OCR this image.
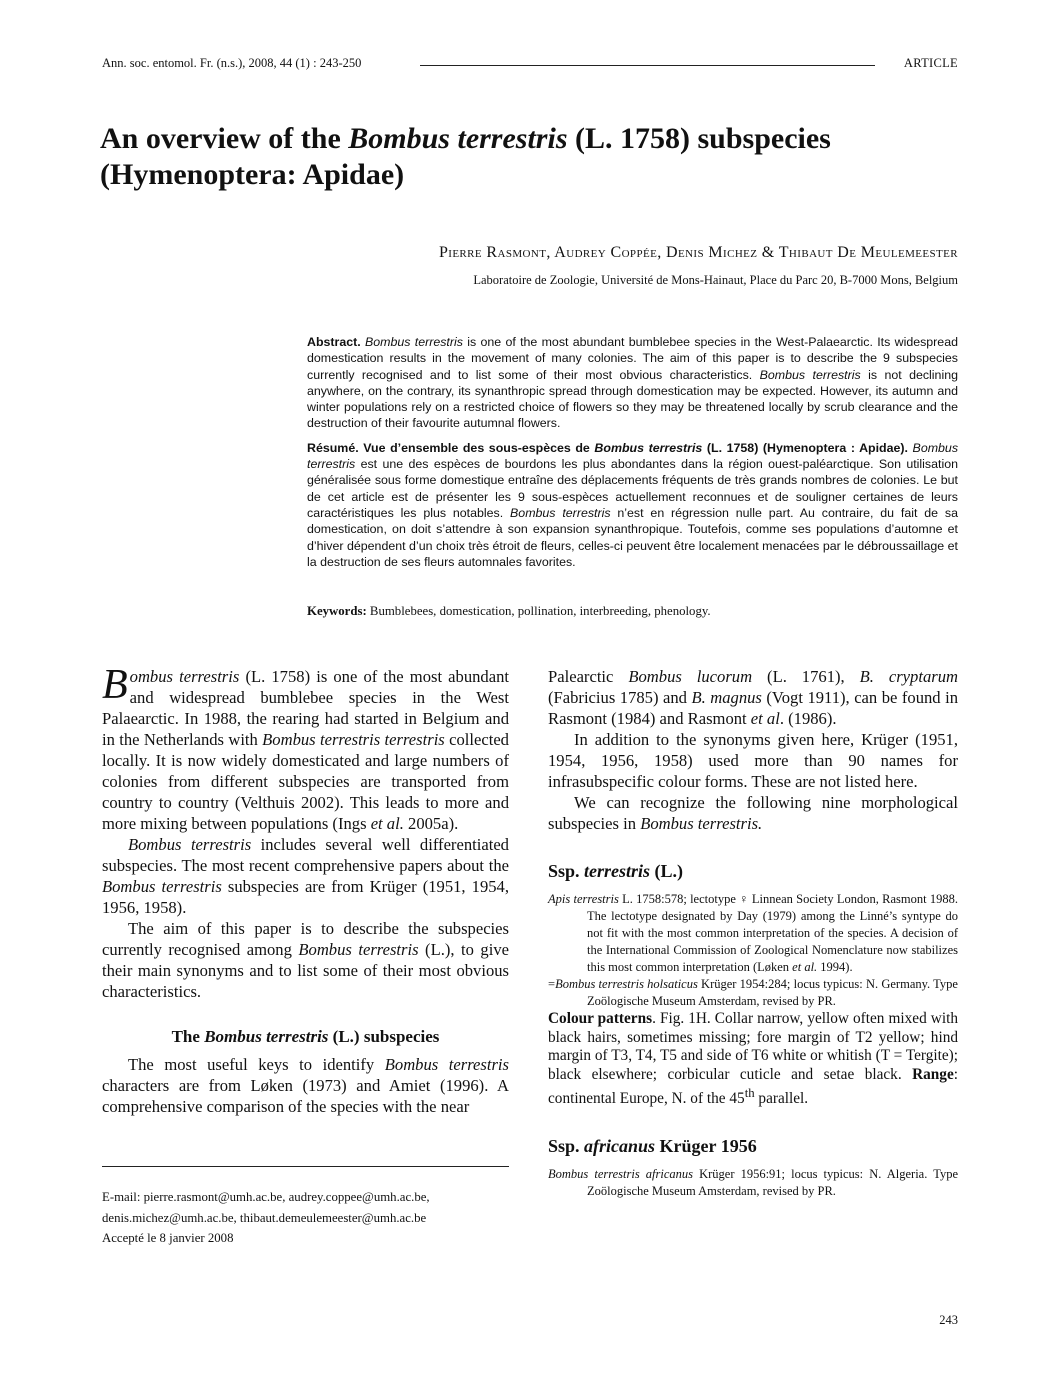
Ann. soc. entomol. Fr. (n.s.), 2008, 44 (1) : 243-250	ARTICLE
An overview of the Bombus terrestris (L. 1758) subspecies
(Hymenoptera: Apidae)
Pierre Rasmont, Audrey Coppée, Denis Michez & Thibaut De Meulemeester
Laboratoire de Zoologie, Université de Mons-Hainaut, Place du Parc 20, B-7000 Mons, Belgium

Abstract. Bombus terrestris is one of the most abundant bumblebee species in the West-Palaearctic. Its widespread domestication results in the movement of many colonies. The aim of this paper is to describe the 9 subspecies currently recognised and to list some of their most obvious characteristics. Bombus terrestris is not declining anywhere, on the contrary, its synanthropic spread through domestication may be expected. However, its autumn and winter populations rely on a restricted choice of flowers so they may be threatened locally by scrub clearance and the destruction of their favourite autumnal flowers.

Résumé. Vue d’ensemble des sous-espèces de Bombus terrestris (L. 1758) (Hymenoptera : Apidae). Bombus terrestris est une des espèces de bourdons les plus abondantes dans la région ouest-paléarctique. Son utilisation généralisée sous forme domestique entraîne des déplacements fréquents de très grands nombres de colonies. Le but de cet article est de présenter les 9 sous-espèces actuellement reconnues et de souligner certaines de leurs caractéristiques les plus notables. Bombus terrestris n’est en régression nulle part. Au contraire, du fait de sa domestication, on doit s’attendre à son expansion synanthropique. Toutefois, comme ses populations d’automne et d’hiver dépendent d’un choix très étroit de fleurs, celles-ci peuvent être localement menacées par le débroussaillage et la destruction de ses fleurs automnales favorites.

Keywords: Bumblebees, domestication, pollination, interbreeding, phenology.

Bombus terrestris (L. 1758) is one of the most abundant and widespread bumblebee species in the West Palaearctic. In 1988, the rearing had started in Belgium and in the Netherlands with Bombus terrestris terrestris collected locally. It is now widely domesticated and large numbers of colonies from different subspecies are transported from country to country (Velthuis 2002). This leads to more and more mixing between populations (Ings et al. 2005a).

Bombus terrestris includes several well differentiated subspecies. The most recent comprehensive papers about the Bombus terrestris subspecies are from Krüger (1951, 1954, 1956, 1958).

The aim of this paper is to describe the subspecies currently recognised among Bombus terrestris (L.), to give their main synonyms and to list some of their most obvious characteristics.

The Bombus terrestris (L.) subspecies

The most useful keys to identify Bombus terrestris characters are from Løken (1973) and Amiet (1996). A comprehensive comparison of the species with the near

Palearctic Bombus lucorum (L. 1761), B. cryptarum (Fabricius 1785) and B. magnus (Vogt 1911), can be found in Rasmont (1984) and Rasmont et al. (1986).

In addition to the synonyms given here, Krüger (1951, 1954, 1956, 1958) used more than 90 names for infrasubspecific colour forms. These are not listed here.

We can recognize the following nine morphological subspecies in Bombus terrestris.

Ssp. terrestris (L.)

Apis terrestris L. 1758:578; lectotype ♀ Linnean Society London, Rasmont 1988. The lectotype designated by Day (1979) among the Linné’s syntype do not fit with the most common interpretation of the species. A decision of the International Commission of Zoological Nomenclature now stabilizes this most common interpretation (Løken et al. 1994).

=Bombus terrestris holsaticus Krüger 1954:284; locus typicus: N. Germany. Type Zoölogische Museum Amsterdam, revised by PR.

Colour patterns. Fig. 1H. Collar narrow, yellow often mixed with black hairs, sometimes missing; fore margin of T2 yellow; hind margin of T3, T4, T5 and side of T6 white or whitish (T = Tergite); black elsewhere; corbicular cuticle and setae black. Range: continental Europe, N. of the 45th parallel.

Ssp. africanus Krüger 1956

Bombus terrestris africanus Krüger 1956:91; locus typicus: N. Algeria. Type Zoölogische Museum Amsterdam, revised by PR.

E-mail: pierre.rasmont@umh.ac.be, audrey.coppee@umh.ac.be,
denis.michez@umh.ac.be, thibaut.demeulemeester@umh.ac.be
Accepté le 8 janvier 2008
243
